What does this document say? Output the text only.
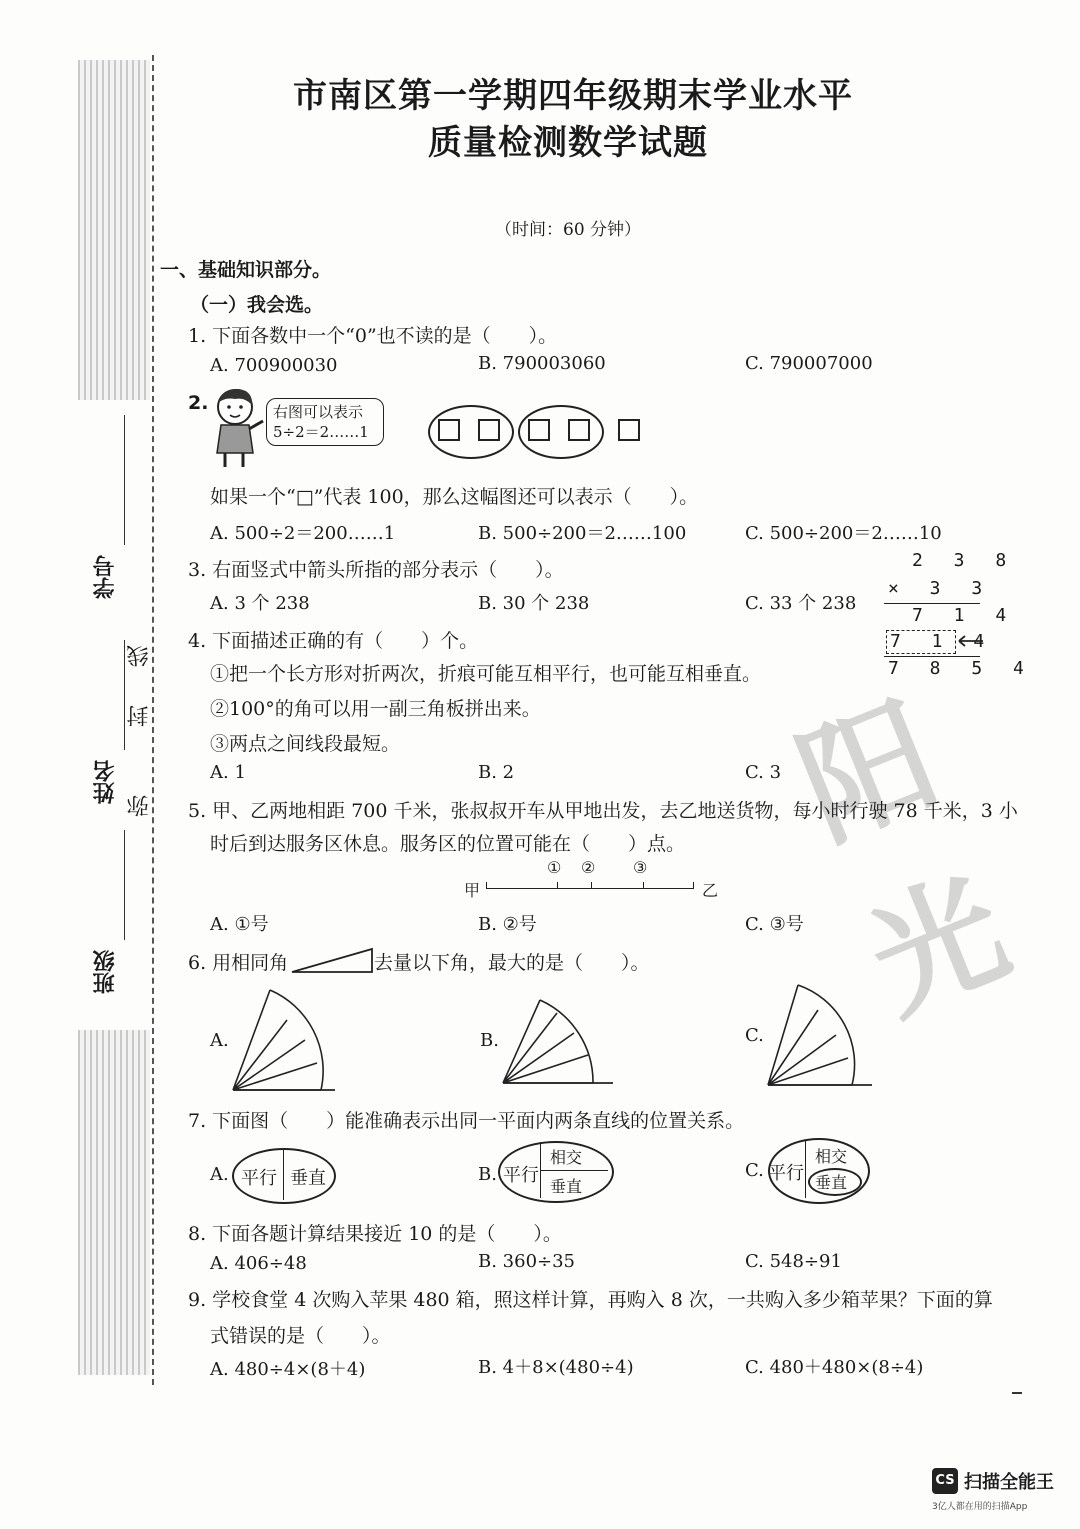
学号
姓名
班级
弥
封
线

市南区第一学期四年级期末学业水平
质量检测数学试题
（时间：60 分钟）
一、基础知识部分。
（一）我会选。
1. 下面各数中一个“0”也不读的是（　　）。
A. 700900030	B. 790003060	C. 790007000
2.	右图可以表示
5÷2＝2……1
如果一个“□”代表 100，那么这幅图还可以表示（　　）。
A. 500÷2＝200……1	B. 500÷200＝2……100	C. 500÷200＝2……10
3. 右面竖式中箭头所指的部分表示（　　）。
A. 3 个 238	B. 30 个 238	C. 33 个 238
2 3 8
× 3 3
7 1 4
7 1 4
7 8 5 4
4. 下面描述正确的有（　　）个。
①把一个长方形对折两次，折痕可能互相平行，也可能互相垂直。
②100°的角可以用一副三角板拼出来。
③两点之间线段最短。
A. 1	B. 2	C. 3
阳光
5. 甲、乙两地相距 700 千米，张叔叔开车从甲地出发，去乙地送货物，每小时行驶 78 千米，3 小
时后到达服务区休息。服务区的位置可能在（　　）点。
甲
① ② ③
乙
A. ①号	B. ②号	C. ③号
6. 用相同角	去量以下角，最大的是（　　）。
A.	B.	C.
7. 下面图（　　）能准确表示出同一平面内两条直线的位置关系。
A. 平行 垂直	B. 平行
相交
垂直
C. 平行
相交
垂直
8. 下面各题计算结果接近 10 的是（　　）。
A. 406÷48	B. 360÷35	C. 548÷91
9. 学校食堂 4 次购入苹果 480 箱，照这样计算，再购入 8 次，一共购入多少箱苹果？下面的算
式错误的是（　　）。
A. 480÷4×(8＋4)	B. 4＋8×(480÷4)	C. 480＋480×(8÷4)
CS 扫描全能王
3亿人都在用的扫描App
